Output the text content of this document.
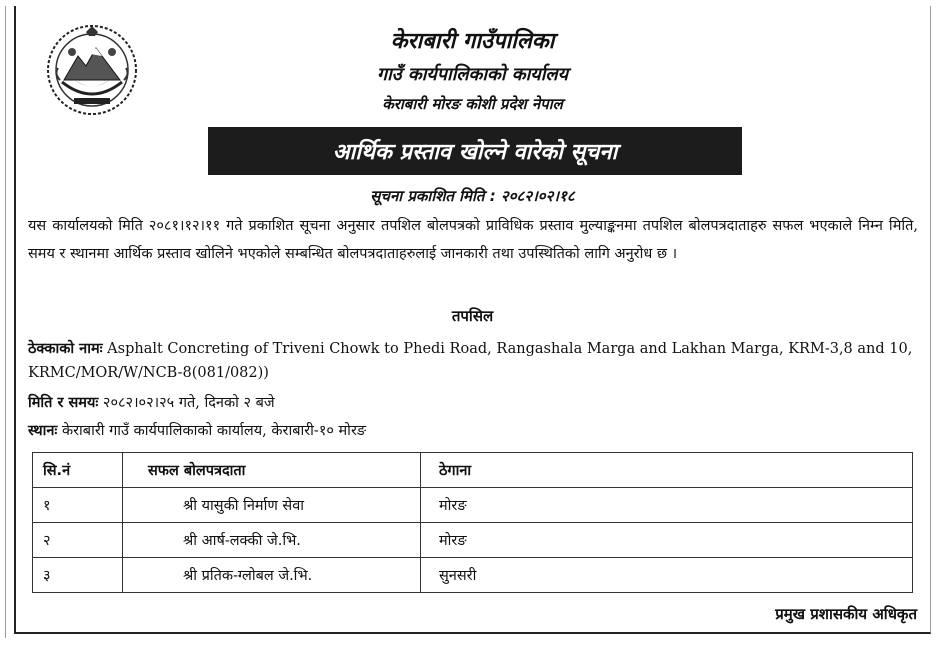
केराबारी गाउँपालिका
गाउँ कार्यपालिकाको कार्यालय
केराबारी मोरङ कोशी प्रदेश नेपाल
आर्थिक प्रस्ताव खोल्ने वारेको सूचना
सूचना प्रकाशित मिति : २०८२।०२।१८
यस कार्यालयको मिति २०८१।१२।११ गते प्रकाशित सूचना अनुसार तपशिल बोलपत्रको प्राविधिक प्रस्ताव मुल्याङ्कनमा तपशिल बोलपत्रदाताहरु सफल भएकाले निम्न मिति, समय र स्थानमा आर्थिक प्रस्ताव खोलिने भएकोले सम्बन्धित बोलपत्रदाताहरुलाई जानकारी तथा उपस्थितिको लागि अनुरोध छ ।
तपसिल
ठेक्काको नामः Asphalt Concreting of Triveni Chowk to Phedi Road, Rangashala Marga and Lakhan Marga, KRM-3,8 and 10, KRMC/MOR/W/NCB-8(081/082))
मिति र समयः २०८२।०२।२५ गते, दिनको २ बजे
स्थानः केराबारी गाउँ कार्यपालिकाको कार्यालय, केराबारी-१० मोरङ
सि.नं	सफल बोलपत्रदाता	ठेगाना
१	श्री यासुकी निर्माण सेवा	मोरङ
२	श्री आर्ष-लक्की जे.भि.	मोरङ
३	श्री प्रतिक-ग्लोबल जे.भि.	सुनसरी
प्रमुख प्रशासकीय अधिकृत
